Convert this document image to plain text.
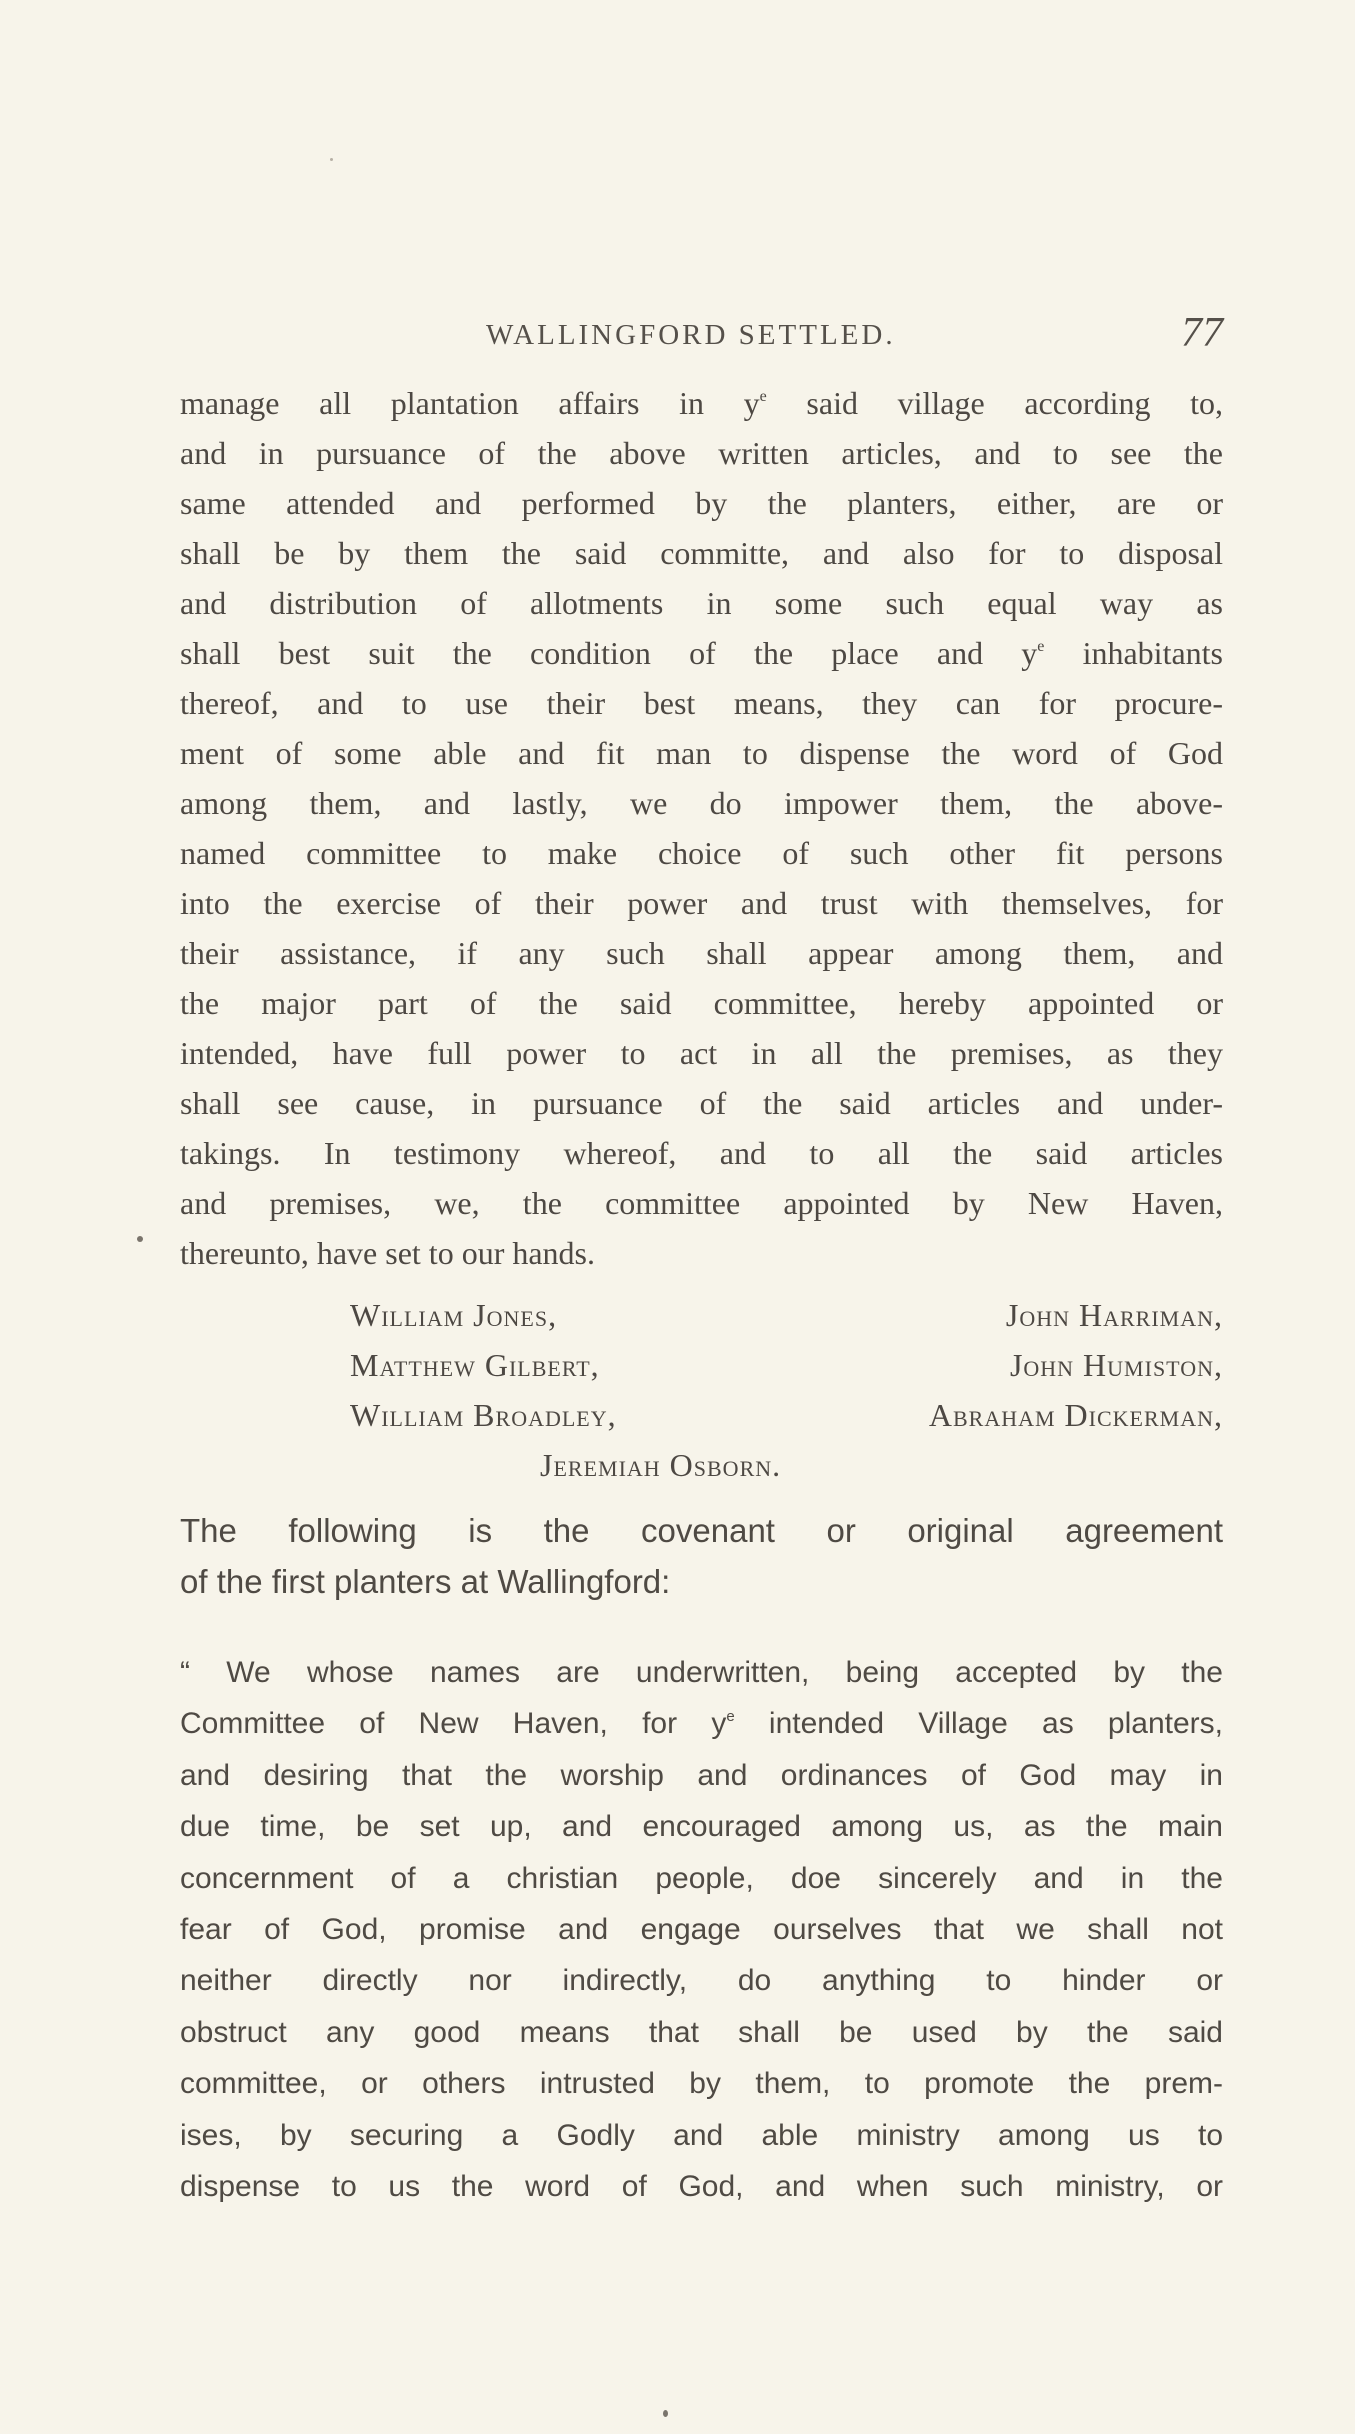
WALLINGFORD SETTLED.	77
manage all plantation affairs in $y^e$ said village according to,
and in pursuance of the above written articles, and to see the
same attended and performed by the planters, either, are or
shall be by them the said committe, and also for to disposal
and distribution of allotments in some such equal way as
shall best suit the condition of the place and $y^e$ inhabitants
thereof, and to use their best means, they can for procure-
ment of some able and fit man to dispense the word of God
among them, and lastly, we do impower them, the above-
named committee to make choice of such other fit persons
into the exercise of their power and trust with themselves, for
their assistance, if any such shall appear among them, and
the major part of the said committee, hereby appointed or
intended, have full power to act in all the premises, as they
shall see cause, in pursuance of the said articles and under-
takings. In testimony whereof, and to all the said articles
and premises, we, the committee appointed by New Haven,
thereunto, have set to our hands.
William Jones,	John Harriman,
Matthew Gilbert,	John Humiston,
William Broadley,	Abraham Dickerman,
Jeremiah Osborn.
The following is the covenant or original agreement
of the first planters at Wallingford:
“ We whose names are underwritten, being accepted by the
Committee of New Haven, for $y^e$ intended Village as planters,
and desiring that the worship and ordinances of God may in
due time, be set up, and encouraged among us, as the main
concernment of a christian people, doe sincerely and in the
fear of God, promise and engage ourselves that we shall not
neither directly nor indirectly, do anything to hinder or
obstruct any good means that shall be used by the said
committee, or others intrusted by them, to promote the prem-
ises, by securing a Godly and able ministry among us to
dispense to us the word of God, and when such ministry, or
